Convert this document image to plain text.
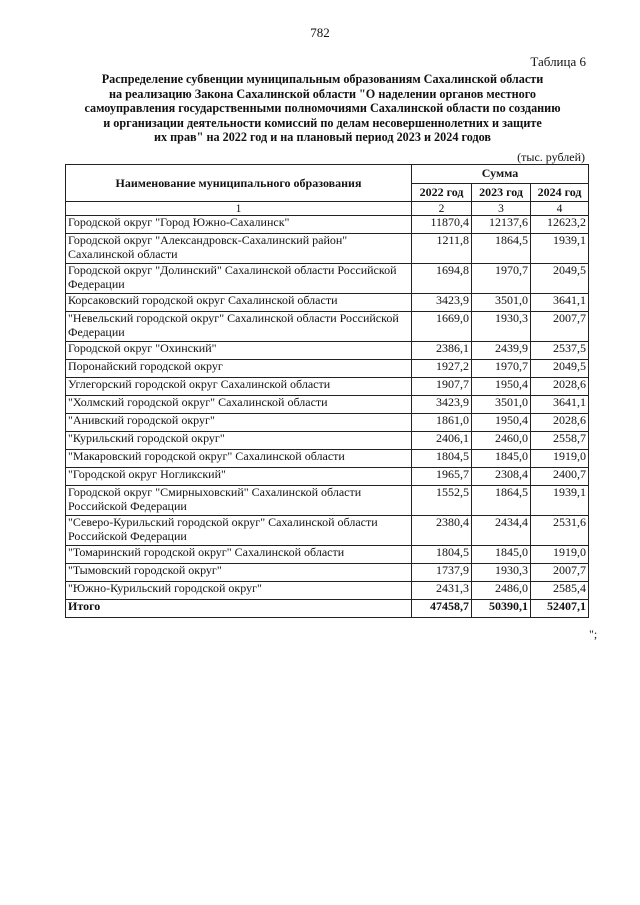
782
Таблица 6
Распределение субвенции муниципальным образованиям Сахалинской области
на реализацию Закона Сахалинской области "О наделении органов местного
самоуправления государственными полномочиями Сахалинской области по созданию
и организации деятельности комиссий по делам несовершеннолетних и защите
их прав" на 2022 год и на плановый период 2023 и 2024 годов
(тыс. рублей)
Наименование муниципального образования	Сумма		
	2022 год	2023 год	2024 год
1	2	3	4
Городской округ "Город Южно-Сахалинск"	11870,4	12137,6	12623,2
Городской округ "Александровск-Сахалинский район" Сахалинской области	1211,8	1864,5	1939,1
Городской округ "Долинский" Сахалинской области Российской Федерации	1694,8	1970,7	2049,5
Корсаковский городской округ Сахалинской области	3423,9	3501,0	3641,1
"Невельский городской округ" Сахалинской области Российской Федерации	1669,0	1930,3	2007,7
Городской округ "Охинский"	2386,1	2439,9	2537,5
Поронайский городской округ	1927,2	1970,7	2049,5
Углегорский городской округ Сахалинской области	1907,7	1950,4	2028,6
"Холмский городской округ" Сахалинской области	3423,9	3501,0	3641,1
"Анивский городской округ"	1861,0	1950,4	2028,6
"Курильский городской округ"	2406,1	2460,0	2558,7
"Макаровский городской округ" Сахалинской области	1804,5	1845,0	1919,0
"Городской округ Ногликский"	1965,7	2308,4	2400,7
Городской округ "Смирныховский" Сахалинской области Российской Федерации	1552,5	1864,5	1939,1
"Северо-Курильский городской округ" Сахалинской области Российской Федерации	2380,4	2434,4	2531,6
"Томаринский городской округ" Сахалинской области	1804,5	1845,0	1919,0
"Тымовский городской округ"	1737,9	1930,3	2007,7
"Южно-Курильский городской округ"	2431,3	2486,0	2585,4
Итого	47458,7	50390,1	52407,1
";
